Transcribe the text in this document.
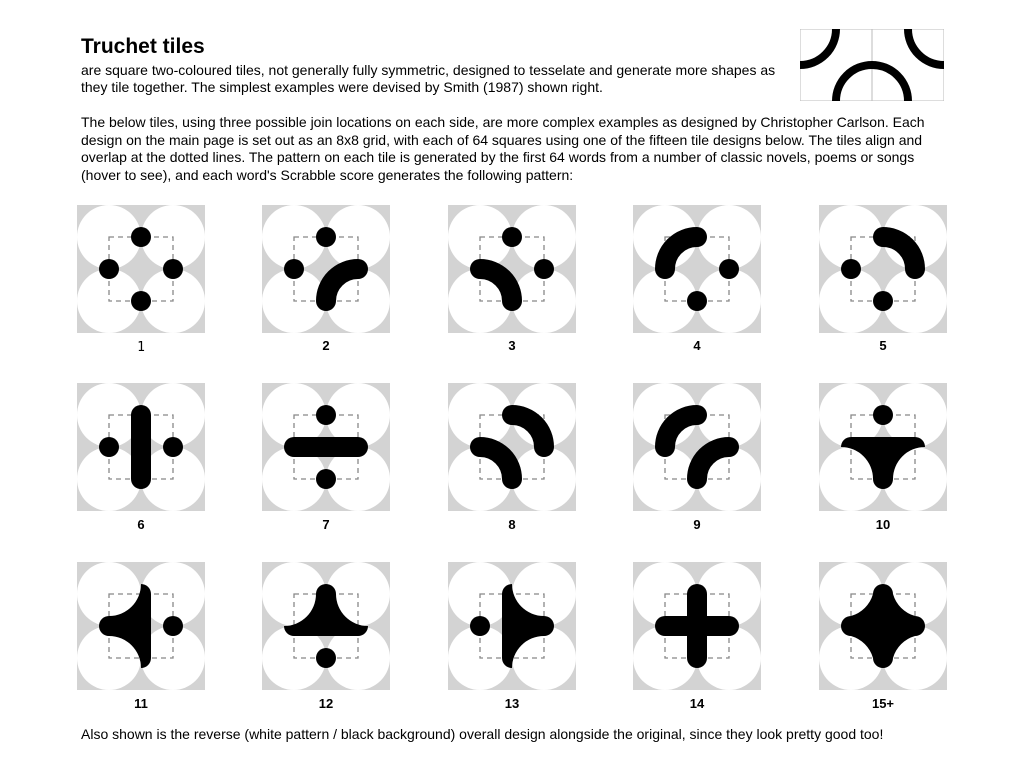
Truchet tiles

are square two-coloured tiles, not generally fully symmetric, designed to tesselate and generate more shapes as they tile together. The simplest examples were devised by Smith (1987) shown right.

The below tiles, using three possible join locations on each side, are more complex examples as designed by Christopher Carlson. Each design on the main page is set out as an 8x8 grid, with each of 64 squares using one of the fifteen tile designs below. The tiles align and overlap at the dotted lines. The pattern on each tile is generated by the first 64 words from a number of classic novels, poems or songs (hover to see), and each word's Scrabble score generates the following pattern:

1	2	3	4	5
6	7	8	9	10
11	12	13	14	15+

Also shown is the reverse (white pattern / black background) overall design alongside the original, since they look pretty good too!
